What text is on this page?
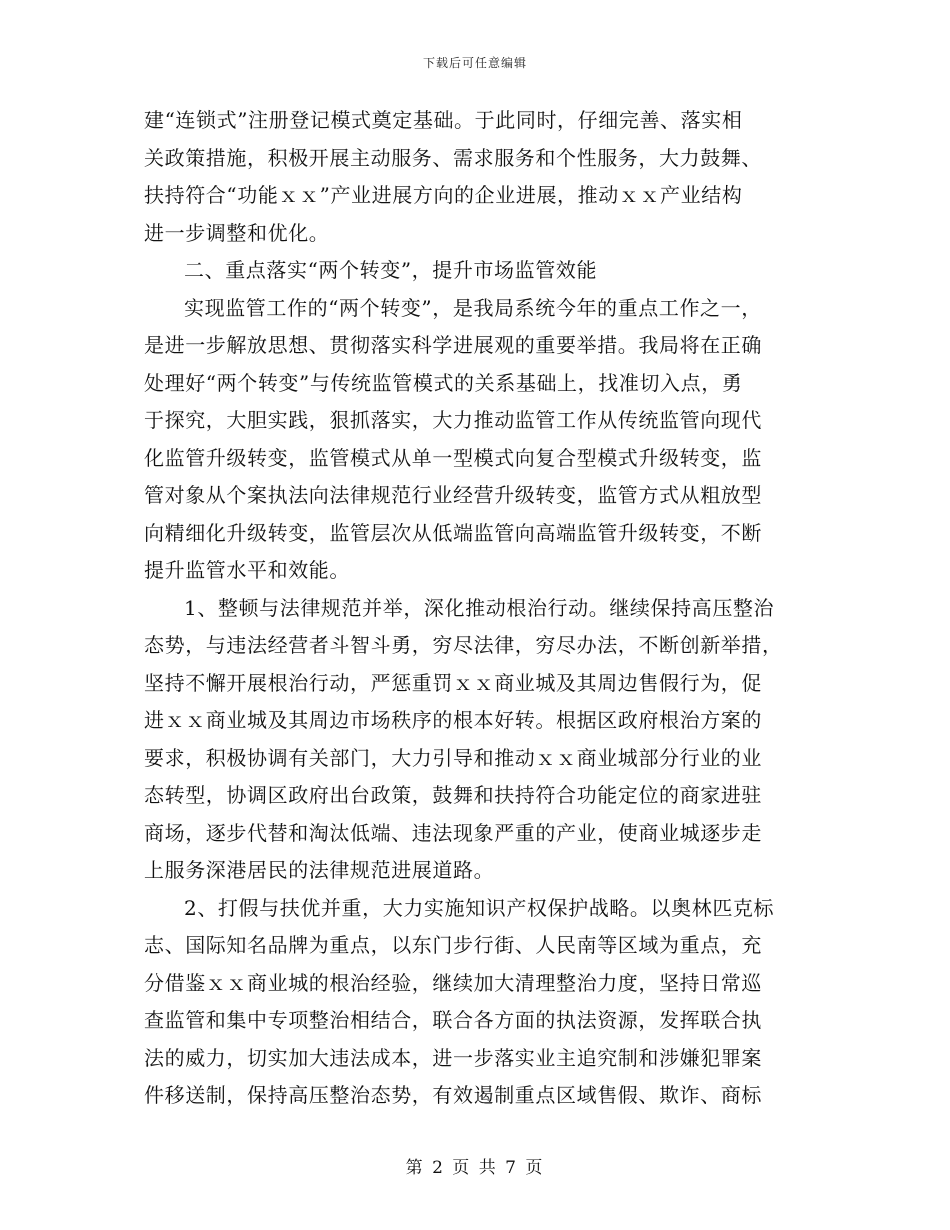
下载后可任意编辑
建“连锁式”注册登记模式奠定基础。于此同时，仔细完善、落实相
关政策措施，积极开展主动服务、需求服务和个性服务，大力鼓舞、
扶持符合“功能ｘｘ”产业进展方向的企业进展，推动ｘｘ产业结构
进一步调整和优化。
二、重点落实“两个转变”，提升市场监管效能
实现监管工作的“两个转变”，是我局系统今年的重点工作之一，
是进一步解放思想、贯彻落实科学进展观的重要举措。我局将在正确
处理好“两个转变”与传统监管模式的关系基础上，找准切入点，勇
于探究，大胆实践，狠抓落实，大力推动监管工作从传统监管向现代
化监管升级转变，监管模式从单一型模式向复合型模式升级转变，监
管对象从个案执法向法律规范行业经营升级转变，监管方式从粗放型
向精细化升级转变，监管层次从低端监管向高端监管升级转变，不断
提升监管水平和效能。
1、整顿与法律规范并举，深化推动根治行动。继续保持高压整治
态势，与违法经营者斗智斗勇，穷尽法律，穷尽办法，不断创新举措，
坚持不懈开展根治行动，严惩重罚ｘｘ商业城及其周边售假行为，促
进ｘｘ商业城及其周边市场秩序的根本好转。根据区政府根治方案的
要求，积极协调有关部门，大力引导和推动ｘｘ商业城部分行业的业
态转型，协调区政府出台政策，鼓舞和扶持符合功能定位的商家进驻
商场，逐步代替和淘汰低端、违法现象严重的产业，使商业城逐步走
上服务深港居民的法律规范进展道路。
2、打假与扶优并重，大力实施知识产权保护战略。以奥林匹克标
志、国际知名品牌为重点，以东门步行街、人民南等区域为重点，充
分借鉴ｘｘ商业城的根治经验，继续加大清理整治力度，坚持日常巡
查监管和集中专项整治相结合，联合各方面的执法资源，发挥联合执
法的威力，切实加大违法成本，进一步落实业主追究制和涉嫌犯罪案
件移送制，保持高压整治态势，有效遏制重点区域售假、欺诈、商标
第 2 页 共 7 页
